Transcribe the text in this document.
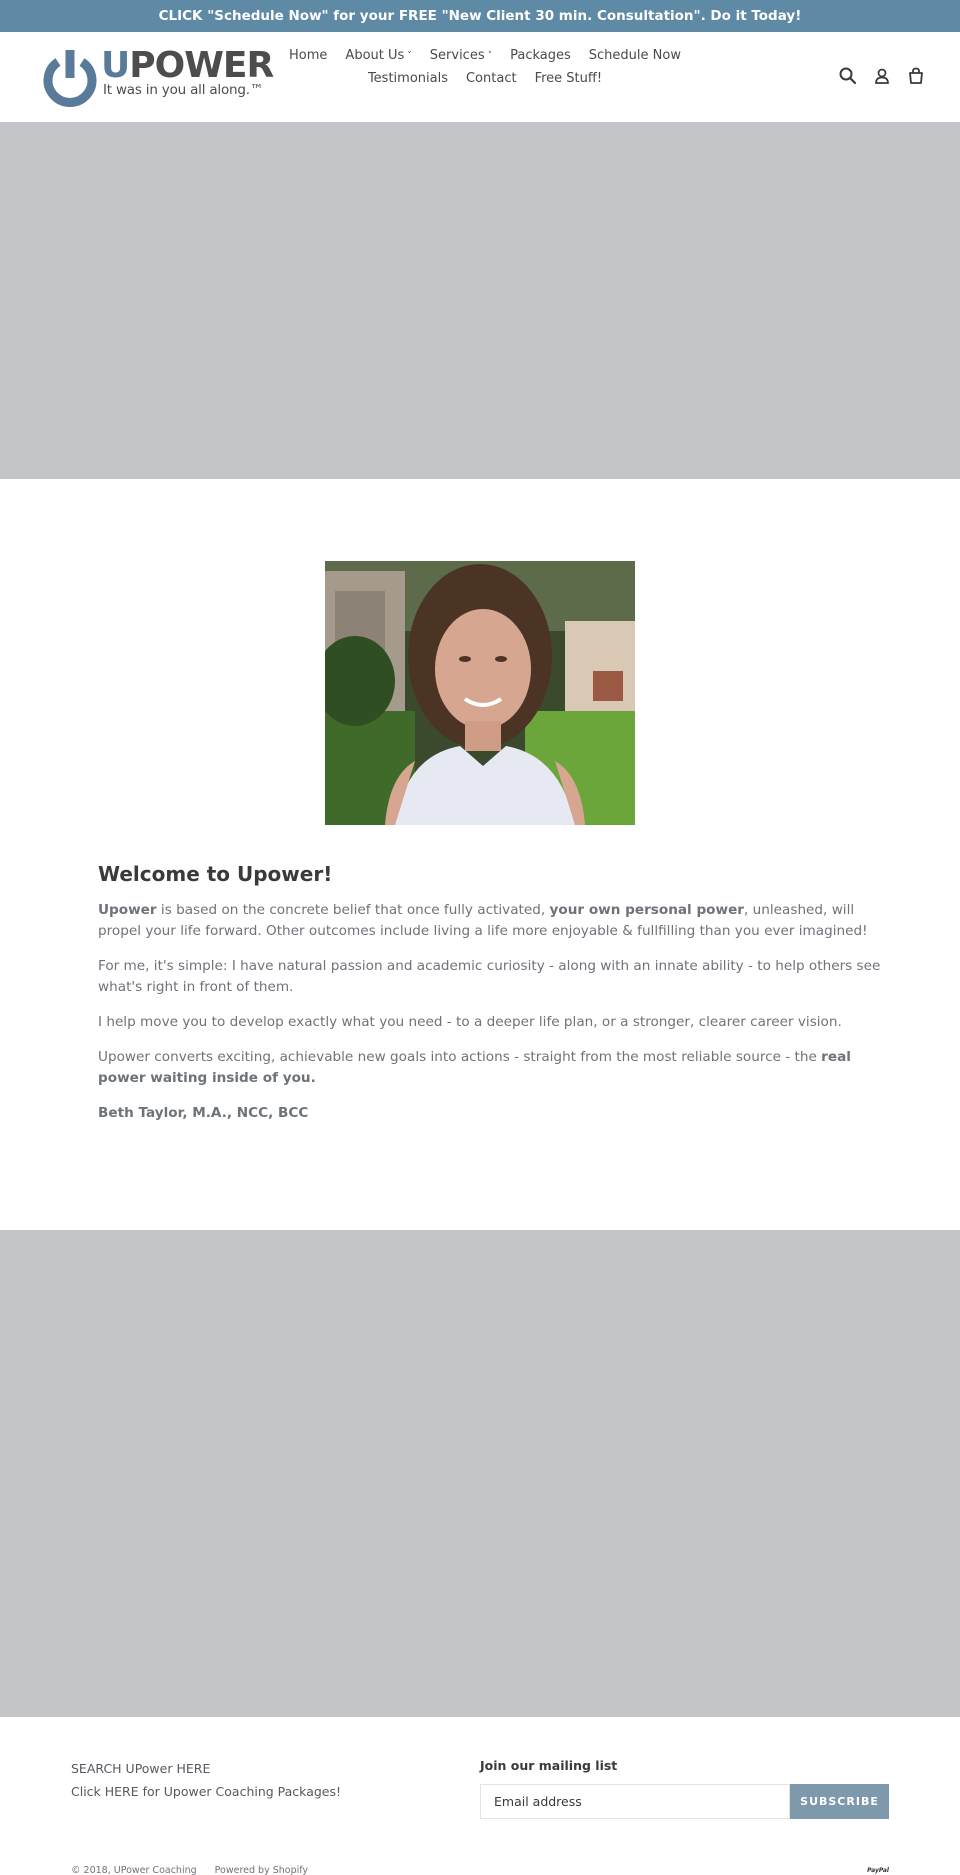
CLICK "Schedule Now" for your FREE "New Client 30 min. Consultation". Do it Today!
UPOWER
It was in you all along.™
Home About Us ˅ Services ˅ Packages Schedule Now
Testimonials Contact Free Stuff!
Welcome to Upower!

Upower is based on the concrete belief that once fully activated, your own personal power, unleashed, will propel your life forward. Other outcomes include living a life more enjoyable & fullfilling than you ever imagined!

For me, it's simple: I have natural passion and academic curiosity - along with an innate ability - to help others see what's right in front of them.

I help move you to develop exactly what you need - to a deeper life plan, or a stronger, clearer career vision.

Upower converts exciting, achievable new goals into actions - straight from the most reliable source - the real power waiting inside of you.

Beth Taylor, M.A., NCC, BCC

SEARCH UPower HERE
Click HERE for Upower Coaching Packages!
Join our mailing list
Email address
SUBSCRIBE
© 2018, UPower Coaching Powered by Shopify	PayPal
